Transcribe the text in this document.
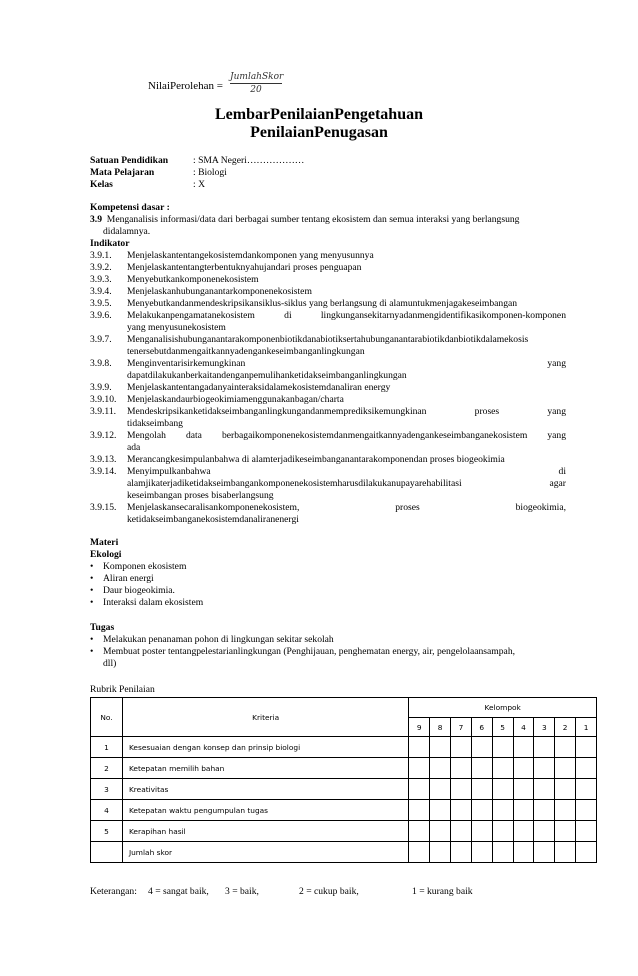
NilaiPerolehan =
JumlahSkor
20
LembarPenilaianPengetahuan
PenilaianPenugasan
Satuan Pendidikan	: SMA Negeri………………
Mata Pelajaran	: Biologi
Kelas	: X
Kompetensi dasar :
3.9 Menganalisis informasi/data dari berbagai sumber tentang ekosistem dan semua interaksi yang berlangsung
didalamnya.
Indikator
3.9.1. Menjelaskantentangekosistemdankomponen yang menyusunnya
3.9.2. Menjelaskantentangterbentuknyahujandari proses penguapan
3.9.3. Menyebutkankomponenekosistem
3.9.4. Menjelaskanhubunganantarkomponenekosistem
3.9.5. Menyebutkandanmendeskripsikansiklus-siklus yang berlangsung di alamuntukmenjagakeseimbangan
3.9.6. Melakukanpengamatanekosistem di lingkungansekitarnyadanmengidentifikasikomponen-komponen
yang menyusunekosistem
3.9.7. Menganalisishubunganantarakomponenbiotikdanabiotiksertahubunganantarabiotikdanbiotikdalamekosis
tenersebutdanmengaitkannyadengankeseimbanganlingkungan
3.9.8. Menginventarisirkemungkinan yang
dapatdilakukanberkaitandenganpemulihanketidakseimbanganlingkungan
3.9.9. Menjelaskantentangadanyainteraksidalamekosistemdanaliran energy
3.9.10. Menjelaskandaurbiogeokimiamenggunakanbagan/charta
3.9.11. Mendeskripsikanketidakseimbanganlingkungandanmemprediksikemungkinan proses yang
tidakseimbang
3.9.12. Mengolah data berbagaikomponenekosistemdanmengaitkannyadengankeseimbanganekosistem yang
ada
3.9.13. Merancangkesimpulanbahwa di alamterjadikeseimbanganantarakomponendan proses biogeokimia
3.9.14. Menyimpulkanbahwa di
alamjikaterjadiketidakseimbangankomponenekosistemharusdilakukanupayarehabilitasi agar
keseimbangan proses bisaberlangsung
3.9.15. Menjelaskansecaralisankomponenekosistem, proses biogeokimia,
ketidakseimbanganekosistemdanaliranenergi
Materi
Ekologi
• Komponen ekosistem
• Aliran energi
• Daur biogeokimia.
• Interaksi dalam ekosistem
Tugas
• Melakukan penanaman pohon di lingkungan sekitar sekolah
• Membuat poster tentangpelestarianlingkungan (Penghijauan, penghematan energy, air, pengelolaansampah,
dll)
Rubrik Penilaian
No.	Kriteria	Kelompok								
		9	8	7	6	5	4	3	2	1
1	Kesesuaian dengan konsep dan prinsip biologi									
2	Ketepatan memilih bahan									
3	Kreativitas									
4	Ketepatan waktu pengumpulan tugas									
5	Kerapihan hasil									
	Jumlah skor									
Keterangan: 4 = sangat baik, 3 = baik,	2 = cukup baik,	1 = kurang baik
